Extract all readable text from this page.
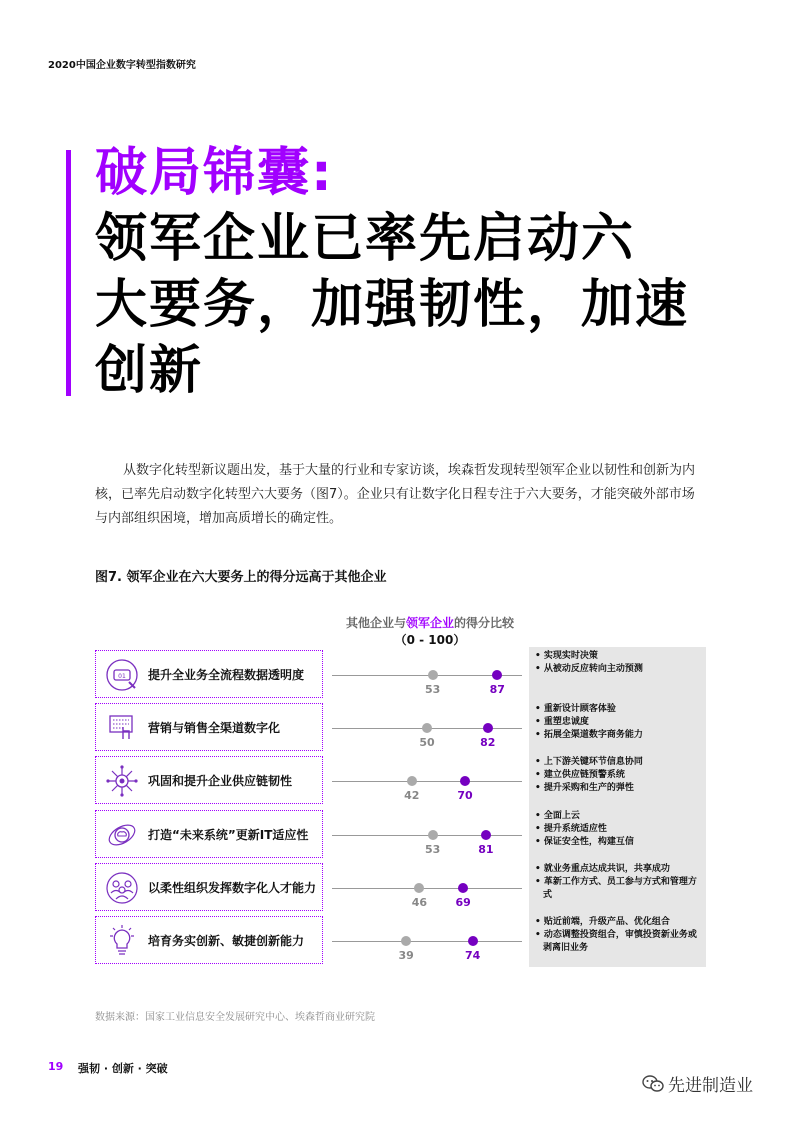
2020中国企业数字转型指数研究
破局锦囊:
领军企业已率先启动六
大要务，加强韧性，加速
创新
从数字化转型新议题出发，基于大量的行业和专家访谈，埃森哲发现转型领军企业以韧性和创新为内核，已率先启动数字化转型六大要务（图7）。企业只有让数字化日程专注于六大要务，才能突破外部市场与内部组织困境，增加高质增长的确定性。
图7. 领军企业在六大要务上的得分远高于其他企业
其他企业与领军企业的得分比较
（0 - 100）
01 提升全业务全流程数据透明度
53	87
• 实现实时决策
• 从被动反应转向主动预测
营销与销售全渠道数字化
50	82
• 重新设计顾客体验
• 重塑忠诚度
• 拓展全渠道数字商务能力
巩固和提升企业供应链韧性
42	70
• 上下游关键环节信息协同
• 建立供应链预警系统
• 提升采购和生产的弹性
打造“未来系统”更新IT适应性
53	81
• 全面上云
• 提升系统适应性
• 保证安全性，构建互信
以柔性组织发挥数字化人才能力
46	69
• 就业务重点达成共识，共享成功
• 革新工作方式、员工参与方式和管理方式
培育务实创新、敏捷创新能力
39	74
• 贴近前端，升级产品、优化组合
• 动态调整投资组合，审慎投资新业务或剥离旧业务
数据来源：国家工业信息安全发展研究中心、埃森哲商业研究院
19 强韧 · 创新 · 突破
先进制造业
